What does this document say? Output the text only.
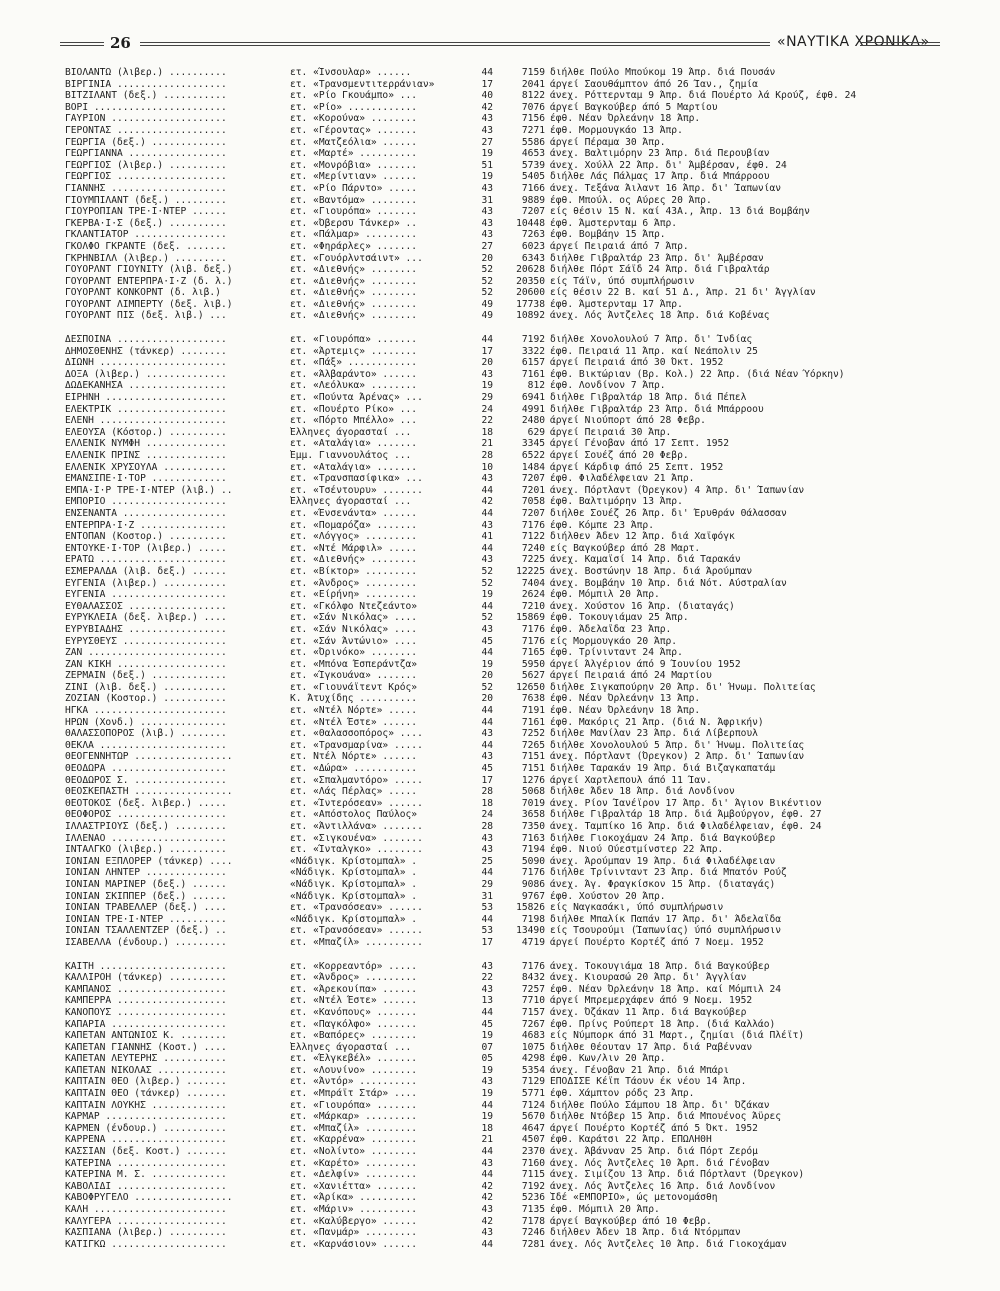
26	«ΝΑΥΤΙΚΑ ΧΡΟΝΙΚΑ»
ΒΙΟΛΑΝΤΩ (λιβερ.) ..........	ετ. «Ίνσουλαρ» ......	44	7159 διήλθε Πούλο Μπούκομ 19 Άπρ. διά Πουσάν
ΒΙΡΓΙΝΙΑ ...................	ετ. «Τρανσμεντιτερράνιαν»	17	2041 άργεί Σαουθάμπτον άπό 26 Ίαν., ζημία
ΒΙΤΖΙΛΑΝΤ (δεξ.) ...........	ετ. «Ρίο Γκουάμπο» ...	40	8122 άνεχ. Ρόττερνταμ 9 Άπρ. διά Πουέρτο λά Κρούζ, έφθ. 24
ΒΟΡΙ .......................	ετ. «Ρίο» ............	42	7076 άργεί Βαγκούβερ άπό 5 Μαρτίου
ΓΑΥΡΙΟΝ ....................	ετ. «Κορούνα» ........	43	7156 έφθ. Νέαν Όρλεάνην 18 Άπρ.
ΓΕΡΟΝΤΑΣ ...................	ετ. «Γέροντας» .......	43	7271 έφθ. Μορμουγκάο 13 Άπρ.
ΓΕΩΡΓΙΑ (δεξ.) .............	ετ. «Ματζεόλια» ......	27	5586 άργεί Πέραμα 30 Άπρ.
ΓΕΩΡΓΙΑΝΝΑ .................	ετ. «Μαρτέ» ..........	19	4653 άνεχ. Βαλτιμόρην 23 Άπρ. διά Περουβίαν
ΓΕΩΡΓΙΟΣ (λιβερ.) ..........	ετ. «Μονρόβια» .......	51	5739 άνεχ. Χούλλ 22 Άπρ. δι' Άμβέρσαν, έφθ. 24
ΓΕΩΡΓΙΟΣ ...................	ετ. «Μερίντιαν» ......	19	5405 διήλθε Λάς Πάλμας 17 Άπρ. διά Μπάρροου
ΓΙΑΝΝΗΣ ....................	ετ. «Ρίο Πάρντο» .....	43	7166 άνεχ. Τεξάνα Άιλαντ 16 Άπρ. δι' Ίαπωνίαν
ΓΙΟΥΜΠΙΛΑΝΤ (δεξ.) .........	ετ. «Βαντόμα» ........	31	9889 έφθ. Μπούλ. ος Αύρες 20 Άπρ.
ΓΙΟΥΡΟΠΙΑΝ ΤΡΕ·Ι·ΝΤΕΡ ......	ετ. «Γιουρόπα» .......	43	7207 είς θέσιν 15 Ν. καί 43Α., Άπρ. 13 διά Βομβάην
ΓΚΕΡΒΑ·Ι·Σ (δεξ.) ..........	ετ. «Όβερσυ Τάνκερ» ..	43	10448 έφθ. Άμστερνταμ 6 Άπρ.
ΓΚΛΑΝΤΙΑΤΟΡ ................	ετ. «Πάλμαρ» .........	43	7263 έφθ. Βομβάην 15 Άπρ.
ΓΚΟΛΦΟ ΓΚΡΑΝΤΕ (δεξ. .......	ετ. «Φηράρλες» .......	27	6023 άργεί Πειραιά άπό 7 Άπρ.
ΓΚΡΗΝΒΙΛΛ (λιβερ.) .........	ετ. «Γουόρλντσάιντ» ...	20	6343 διήλθε Γιβραλτάρ 23 Άπρ. δι' Άμβέρσαν
ΓΟΥΟΡΛΝΤ ΓΙΟΥΝΙΤΥ (λιβ. δεξ.)	ετ. «Διεθνής» ........	52	20628 διήλθε Πόρτ Σάϊδ 24 Άπρ. διά Γιβραλτάρ
ΓΟΥΟΡΛΝΤ ΕΝΤΕΡΠΡΑ·Ι·Ζ (δ. λ.)	ετ. «Διεθνής» ........	52	20350 είς Τάϊν, ύπό συμπλήρωσιν
ΓΟΥΟΡΛΝΤ ΚΟΝΚΟΡΝΤ (δ. λιβ.)	ετ. «Διεθνής» ........	52	20600 είς θέσιν 22 Β. καί 51 Δ., Άπρ. 21 δι' Άγγλίαν
ΓΟΥΟΡΛΝΤ ΛΙΜΠΕΡΤΥ (δεξ. λιβ.)	ετ. «Διεθνής» ........	49	17738 έφθ. Άμστερνταμ 17 Άπρ.
ΓΟΥΟΡΛΝΤ ΠΙΣ (δεξ. λιβ.) ...	ετ. «Διεθνής» ........	49	10892 άνεχ. Λός Άντζελες 18 Άπρ. διά Κοβένας
ΔΕΣΠΟΙΝΑ ...................	ετ. «Γιουρόπα» .......	44	7192 διήλθε Χονολουλού 7 Άπρ. δι' Ίνδίας
ΔΗΜΟΣΘΕΝΗΣ (τάνκερ) ........	ετ. «Άρτεμις» ........	17	3322 έφθ. Πειραιά 11 Άπρ. καί Νεάπολιν 25
ΔΙΩΝΗ ......................	ετ. «Πάξ» ............	20	6157 άργεί Πειραιά άπό 30 Όκτ. 1952
ΔΟΞΑ (λιβερ.) ..............	ετ. «Άλβαράντο» ......	43	7161 έφθ. Βικτώριαν (Βρ. Κολ.) 22 Άπρ. (διά Νέαν Ύόρκην)
ΔΩΔΕΚΑΝΗΣΑ .................	ετ. «Λεόλυκα» ........	19	812 έφθ. Λονδίνον 7 Άπρ.
ΕΙΡΗΝΗ .....................	ετ. «Πούντα Άρένας» ...	29	6941 διήλθε Γιβραλτάρ 18 Άπρ. διά Πέπελ
ΕΛΕΚΤΡΙΚ ...................	ετ. «Πουέρτο Ρίκο» ...	24	4991 διήλθε Γιβραλτάρ 23 Άπρ. διά Μπάρροου
ΕΛΕΝΗ ......................	ετ. «Πόρτο Μπέλλο» ...	22	2480 άργεί Νιούπορτ άπό 28 Φεβρ.
ΕΛΕΟΥΣΑ (Κόστορ.) ..........	Έλληνες άγορασταί ...	18	629 άργεί Πειραιά 30 Άπρ.
ΕΛΛΕΝΙΚ ΝΥΜΦΗ ..............	ετ. «Αταλάγια» .......	21	3345 άργεί Γένοβαν άπό 17 Σεπτ. 1952
ΕΛΛΕΝΙΚ ΠΡΙΝΣ ..............	Έμμ. Γιαννουλάτος ...	28	6522 άργεί Σουέζ άπό 20 Φεβρ.
ΕΛΛΕΝΙΚ ΧΡΥΣΟΥΛΑ ...........	ετ. «Αταλάγια» .......	10	1484 άργεί Κάρδιφ άπό 25 Σεπτ. 1952
ΕΜΑΝΣΙΠΕ·Ι·ΤΟΡ .............	ετ. «Τρανσπασίφικα» ...	43	7207 έφθ. Φιλαδέλφειαν 21 Άπρ.
ΕΜΠΑ·Ι·Ρ ΤΡΕ·Ι·ΝΤΕΡ (λιβ.) ..	ετ. «Τσέντουρυ» .......	44	7201 άνεχ. Πόρτλαντ (Όρεγκον) 4 Άπρ. δι' Ίαπωνίαν
ΕΜΠΟΡΙΟ ....................	Έλληνες άγορασταί ...	42	7058 έφθ. Βαλτιμόρην 13 Άπρ.
ΕΝΣΕΝΑΝΤΑ ..................	ετ. «Ένσενάντα» ......	44	7207 διήλθε Σουέζ 26 Άπρ. δι' Έρυθράν Θάλασσαν
ΕΝΤΕΡΠΡΑ·Ι·Ζ ...............	ετ. «Πομαρόζα» .......	43	7176 έφθ. Κόμπε 23 Άπρ.
ΕΝΤΟΠΑΝ (Κοστορ.) ..........	ετ. «Λόγγος» .........	41	7122 διήλθεν Άδεν 12 Άπρ. διά Χαϊφόγκ
ΕΝΤΟΥΚΕ·Ι·ΤΟΡ (λιβερ.) .....	ετ. «Ντέ Μάρφιλ» .....	44	7240 είς Βαγκούβερ άπό 28 Μαρτ.
ΕΡΑΤΩ ......................	ετ. «Διεθνής» ........	43	7225 άνεχ. Καμαϊσί 14 Άπρ. διά Ταρακάν
ΕΣΜΕΡΑΛΔΑ (λιβ. δεξ.) ......	ετ. «Βίκτορ» .........	52	12225 άνεχ. Βοστώνην 18 Άπρ. διά Άρούμπαν
ΕΥΓΕΝΙΑ (λιβερ.) ...........	ετ. «Άνδρος» .........	52	7404 άνεχ. Βομβάην 10 Άπρ. διά Νότ. Αύστραλίαν
ΕΥΓΕΝΙΑ ....................	ετ. «Είρήνη» .........	19	2624 έφθ. Μόμπιλ 20 Άπρ.
ΕΥΘΑΛΑΣΣΟΣ .................	ετ. «Γκόλφο Ντεζεάντο»	44	7210 άνεχ. Χούστον 16 Άπρ. (διαταγάς)
ΕΥΡΥΚΛΕΙΑ (δεξ. λιβερ.) ....	ετ. «Σάν Νικόλας» ....	52	15869 έφθ. Τοκουγιάμαν 25 Άπρ.
ΕΥΡΥΒΙΑΔΗΣ .................	ετ. «Σάν Νικόλας» ....	43	7176 έφθ. Άδελαΐδα 23 Άπρ.
ΕΥΡΥΣΘΕΥΣ ..................	ετ. «Σάν Άντώνιο» ....	45	7176 είς Μορμουγκάο 20 Άπρ.
ΖΑΝ ........................	ετ. «Όρινόκο» ........	44	7165 έφθ. Τρίνινταντ 24 Άπρ.
ΖΑΝ ΚΙΚΗ ...................	ετ. «Μπόνα Έσπεράντζα»	19	5950 άργεί Άλγέριον άπό 9 Ίουνίου 1952
ΖΕΡΜΑΙΝ (δεξ.) .............	ετ. «Ίγκουάνα» .......	20	5627 άργεί Πειραιά άπό 24 Μαρτίου
ΖΙΝΙ (λιβ. δεξ.) ...........	ετ. «Γιουνάϊτεντ Κρός»	52	12650 διήλθε Σιγκαπούρην 20 Άπρ. δι' Ήνωμ. Πολιτείας
ΖΟΖΙΑΝ (Κοστορ.) ...........	Κ. Άτυχίδης ..........	20	7638 έφθ. Νέαν Όρλεάνην 13 Άπρ.
ΗΓΚΑ .......................	ετ. «Ντέλ Νόρτε» .....	44	7191 έφθ. Νέαν Όρλεάνην 18 Άπρ.
ΗΡΩΝ (Χονδ.) ...............	ετ. «Ντέλ Έστε» ......	44	7161 έφθ. Μακόρις 21 Άπρ. (διά Ν. Άφρικήν)
ΘΑΛΑΣΣΟΠΟΡΟΣ (λιβ.) ........	ετ. «Θαλασσοπόρος» ....	43	7252 διήλθε Μανίλαν 23 Άπρ. διά Λίβερπουλ
ΘΕΚΛΑ ......................	ετ. «Τρανσμαρίνα» .....	44	7265 διήλθε Χονολουλού 5 Άπρ. δι' Ήνωμ. Πολιτείας
ΘΕΟΓΕΝΝΗΤΩΡ .................	ετ. Ντέλ Νόρτε» ......	43	7151 άνεχ. Πόρτλαντ (Όρεγκον) 2 Άπρ. δι' Ίαπωνίαν
ΘΕΟΔΩΡΑ ....................	ετ. «Δώρα» ...........	45	7151 διήλθε Ταρακάν 19 Άπρ. διά Βιζαγκαπατάμ
ΘΕΟΔΩΡΟΣ Σ. ................	ετ. «Σπαλμαντόρο» .....	17	1276 άργεί Χαρτλεπουλ άπό 11 Ίαν.
ΘΕΟΣΚΕΠΑΣΤΗ .................	ετ. «Λάς Πέρλας» .....	28	5068 διήλθε Άδεν 18 Άπρ. διά Λονδίνον
ΘΕΟΤΟΚΟΣ (δεξ. λιβερ.) .....	ετ. «Ίντερόσεαν» ......	18	7019 άνεχ. Ρίον Ίανέϊρον 17 Άπρ. δι' Άγιον Βικέντιον
ΘΕΟΦΟΡΟΣ ...................	ετ. «Απόστολος Παύλος»	24	3658 διήλθε Γιβραλτάρ 18 Άπρ. διά Άμβούργον, έφθ. 27
ΙΛΛΑΣΤΡΙΟΥΣ (δεξ.) .........	ετ. «Άντιλλάνα» .......	28	7350 άνεχ. Ταμπίκο 16 Άπρ. διά Φιλαδέλφειαν, έφθ. 24
ΙΛΛΕΝΑΟ ....................	ετ. «Σιγκουένα» .......	43	7163 διήλθε Γιοκοχάμαν 24 Άπρ. διά Βαγκούβερ
ΙΝΤΑΛΓΚΟ (λιβερ.) ..........	ετ. «Ίνταλγκο» ........	43	7194 έφθ. Νιού Ούεστμίνστερ 22 Άπρ.
ΙΟΝΙΑΝ ΕΞΠΛΟΡΕΡ (τάνκερ) ....	«Νάδιγκ. Κρίστομπαλ» .	25	5090 άνεχ. Άρούμπαν 19 Άπρ. διά Φιλαδέλφειαν
ΙΟΝΙΑΝ ΛΗΝΤΕΡ ..............	«Νάδιγκ. Κρίστομπαλ» .	44	7176 διήλθε Τρίνινταντ 23 Άπρ. διά Μπατόν Ρούζ
ΙΟΝΙΑΝ ΜΑΡΙΝΕΡ (δεξ.) ......	«Νάδιγκ. Κρίστομπαλ» .	29	9086 άνεχ. Άγ. Φραγκίσκον 15 Άπρ. (διαταγάς)
ΙΟΝΙΑΝ ΣΚΙΠΠΕΡ (δεξ.) ......	«Νάδιγκ. Κρίστομπαλ» .	31	9767 έφθ. Χούστον 20 Άπρ.
ΙΟΝΙΑΝ ΤΡΑΒΕΛΛΕΡ (δεξ.) ....	ετ. «Τρανσόσεαν» ......	53	15826 είς Ναγκασάκι, ύπό συμπλήρωσιν
ΙΟΝΙΑΝ ΤΡΕ·Ι·ΝΤΕΡ ..........	«Νάδιγκ. Κρίστομπαλ» .	44	7198 διήλθε Μπαλίκ Παπάν 17 Άπρ. δι' Άδελαΐδα
ΙΟΝΙΑΝ ΤΣΑΛΛΕΝΤΖΕΡ (δεξ.) ..	ετ. «Τρανσόσεαν» ......	53	13490 είς Τσουρούμι (Ίαπωνίας) ύπό συμπλήρωσιν
ΙΣΑΒΕΛΛΑ (ένδουρ.) .........	ετ. «Μπαζίλ» ..........	17	4719 άργεί Πουέρτο Κορτέζ άπό 7 Νοεμ. 1952
ΚΑΙΤΗ ......................	ετ. «Κορρεαντόρ» .....	43	7176 άνεχ. Τοκουγιάμα 18 Άπρ. διά Βαγκούβερ
ΚΑΛΛΙΡΟΗ (τάνκερ) ..........	ετ. «Άνδρος» .........	22	8432 άνεχ. Κιουρασώ 20 Άπρ. δι' Άγγλίαν
ΚΑΜΠΑΝΟΣ ...................	ετ. «Άρεκουίπα» ......	43	7257 έφθ. Νέαν Όρλεάνην 18 Άπρ. καί Μόμπιλ 24
ΚΑΜΠΕΡΡΑ ...................	ετ. «Ντέλ Έστε» ......	13	7710 άργεί Μπρεμερχάφεν άπό 9 Νοεμ. 1952
ΚΑΝΟΠΟΥΣ ...................	ετ. «Κανόπους» .......	44	7157 άνεχ. Όζάκαν 11 Άπρ. διά Βαγκούβερ
ΚΑΠΑΡΙΑ ....................	ετ. «Παγκόλφο» .......	45	7267 έφθ. Πρίνς Ρούπερτ 18 Άπρ. (διά Καλλάο)
ΚΑΠΕΤΑΝ ΑΝΤΩΝΙΟΣ Κ. ........	ετ. «Βαπόρες» ........	19	4683 είς Νύμπορκ άπό 31 Μαρτ., ζημίαι (διά Πλέϊτ)
ΚΑΠΕΤΑΝ ΓΙΑΝΝΗΣ (Κοστ.) ....	Έλληνες άγορασταί ...	07	1075 διήλθε Θέουταν 17 Άπρ. διά Ραβένναν
ΚΑΠΕΤΑΝ ΛΕΥΤΕΡΗΣ ...........	ετ. «Έλγκεβέλ» .......	05	4298 έφθ. Κων/λιν 20 Άπρ.
ΚΑΠΕΤΑΝ ΝΙΚΟΛΑΣ ............	ετ. «Λουνίνο» ........	19	5354 άνεχ. Γένοβαν 21 Άπρ. διά Μπάρι
ΚΑΠΤΑΙΝ ΘΕΟ (λιβερ.) .......	ετ. «Άντόρ» ..........	43	7129 ΕΠΟΔΙΣΕ Κέϊπ Τάουν έκ νέου 14 Άπρ.
ΚΑΠΤΑΙΝ ΘΕΟ (τάνκερ) .......	ετ. «Μπράϊτ Στάρ» ....	19	5771 έφθ. Χάμπτον ρόδς 23 Άπρ.
ΚΑΠΤΑΙΝ ΛΟΥΚΗΣ .............	ετ. «Γιουρόπα» .......	44	7124 διήλθε Πούλο Σάμπου 18 Άπρ. δι' Όζάκαν
ΚΑΡΜΑΡ .....................	ετ. «Μάρκαρ» .........	19	5670 διήλθε Ντόβερ 15 Άπρ. διά Μπουένος Άϋρες
ΚΑΡΜΕΝ (ένδουρ.) ...........	ετ. «Μπαζίλ» .........	18	4647 άργεί Πουέρτο Κορτέζ άπό 5 Όκτ. 1952
ΚΑΡΡΕΝΑ ....................	ετ. «Καρρένα» ........	21	4507 έφθ. Καράτσι 22 Άπρ. ΕΠΩΛΗΘΗ
ΚΑΣΣΙΑΝ (δεξ. Κοστ.) .......	ετ. «Νολίντο» ........	44	2370 άνεχ. Άβάνναν 25 Άπρ. διά Πόρτ Ζερόμ
ΚΑΤΕΡΙΝΑ ...................	ετ. «Καρέτο» .........	43	7160 άνεχ. Λός Άντζελες 10 Άρπ. διά Γένοβαν
ΚΑΤΕΡΙΝΑ Μ. Σ. .............	ετ. «Δελφίν» .........	44	7115 άνεχ. Σιμίζου 13 Άπρ. διά Πόρτλαντ (Όρεγκον)
ΚΑΒΟΛΙΔΙ ...................	ετ. «Χανιέττα» .......	42	7192 άνεχ. Λός Άντζελες 16 Άπρ. διά Λονδίνον
ΚΑΒΟΦΡΥΓΕΛΟ .................	ετ. «Άρίκα» ..........	42	5236 Ίδέ «ΕΜΠΟΡΙΟ», ώς μετονομάσθη
ΚΑΛΗ .......................	ετ. «Μάριν» ..........	43	7135 έφθ. Μόμπιλ 20 Άπρ.
ΚΑΛΥΓΕΡΑ ...................	ετ. «Καλύβεργο» ......	42	7178 άργεί Βαγκούβερ άπό 10 Φεβρ.
ΚΑΣΠΙΑΝΑ (λιβερ.) ..........	ετ. «Πανμάρ» .........	43	7246 διήλθεν Άδεν 18 Άπρ. διά Ντόρμπαν
ΚΑΤΙΓΚΩ ....................	ετ. «Καρνάσιον» ......	44	7281 άνεχ. Λός Άντζελες 10 Άπρ. διά Γιοκοχάμαν
